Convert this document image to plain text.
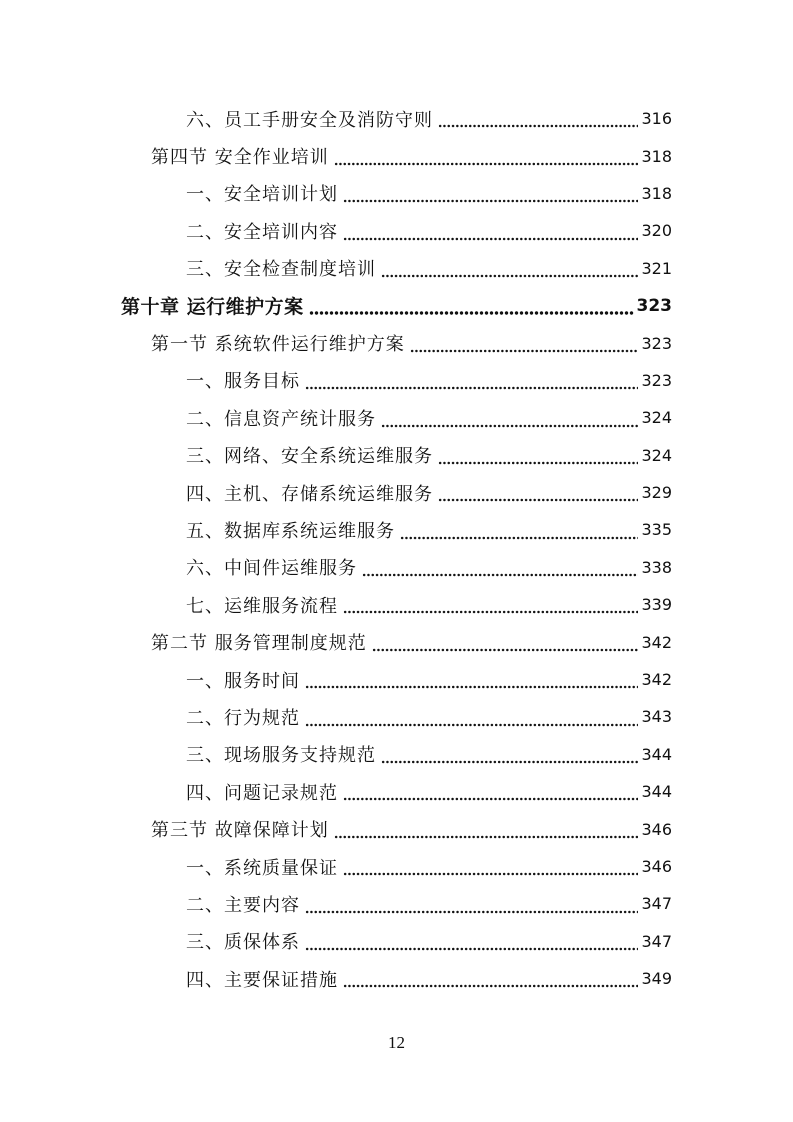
六、员工手册安全及消防守则	316
第四节 安全作业培训	318
一、安全培训计划	318
二、安全培训内容	320
三、安全检查制度培训	321
第十章 运行维护方案	323
第一节 系统软件运行维护方案	323
一、服务目标	323
二、信息资产统计服务	324
三、网络、安全系统运维服务	324
四、主机、存储系统运维服务	329
五、数据库系统运维服务	335
六、中间件运维服务	338
七、运维服务流程	339
第二节 服务管理制度规范	342
一、服务时间	342
二、行为规范	343
三、现场服务支持规范	344
四、问题记录规范	344
第三节 故障保障计划	346
一、系统质量保证	346
二、主要内容	347
三、质保体系	347
四、主要保证措施	349
12
